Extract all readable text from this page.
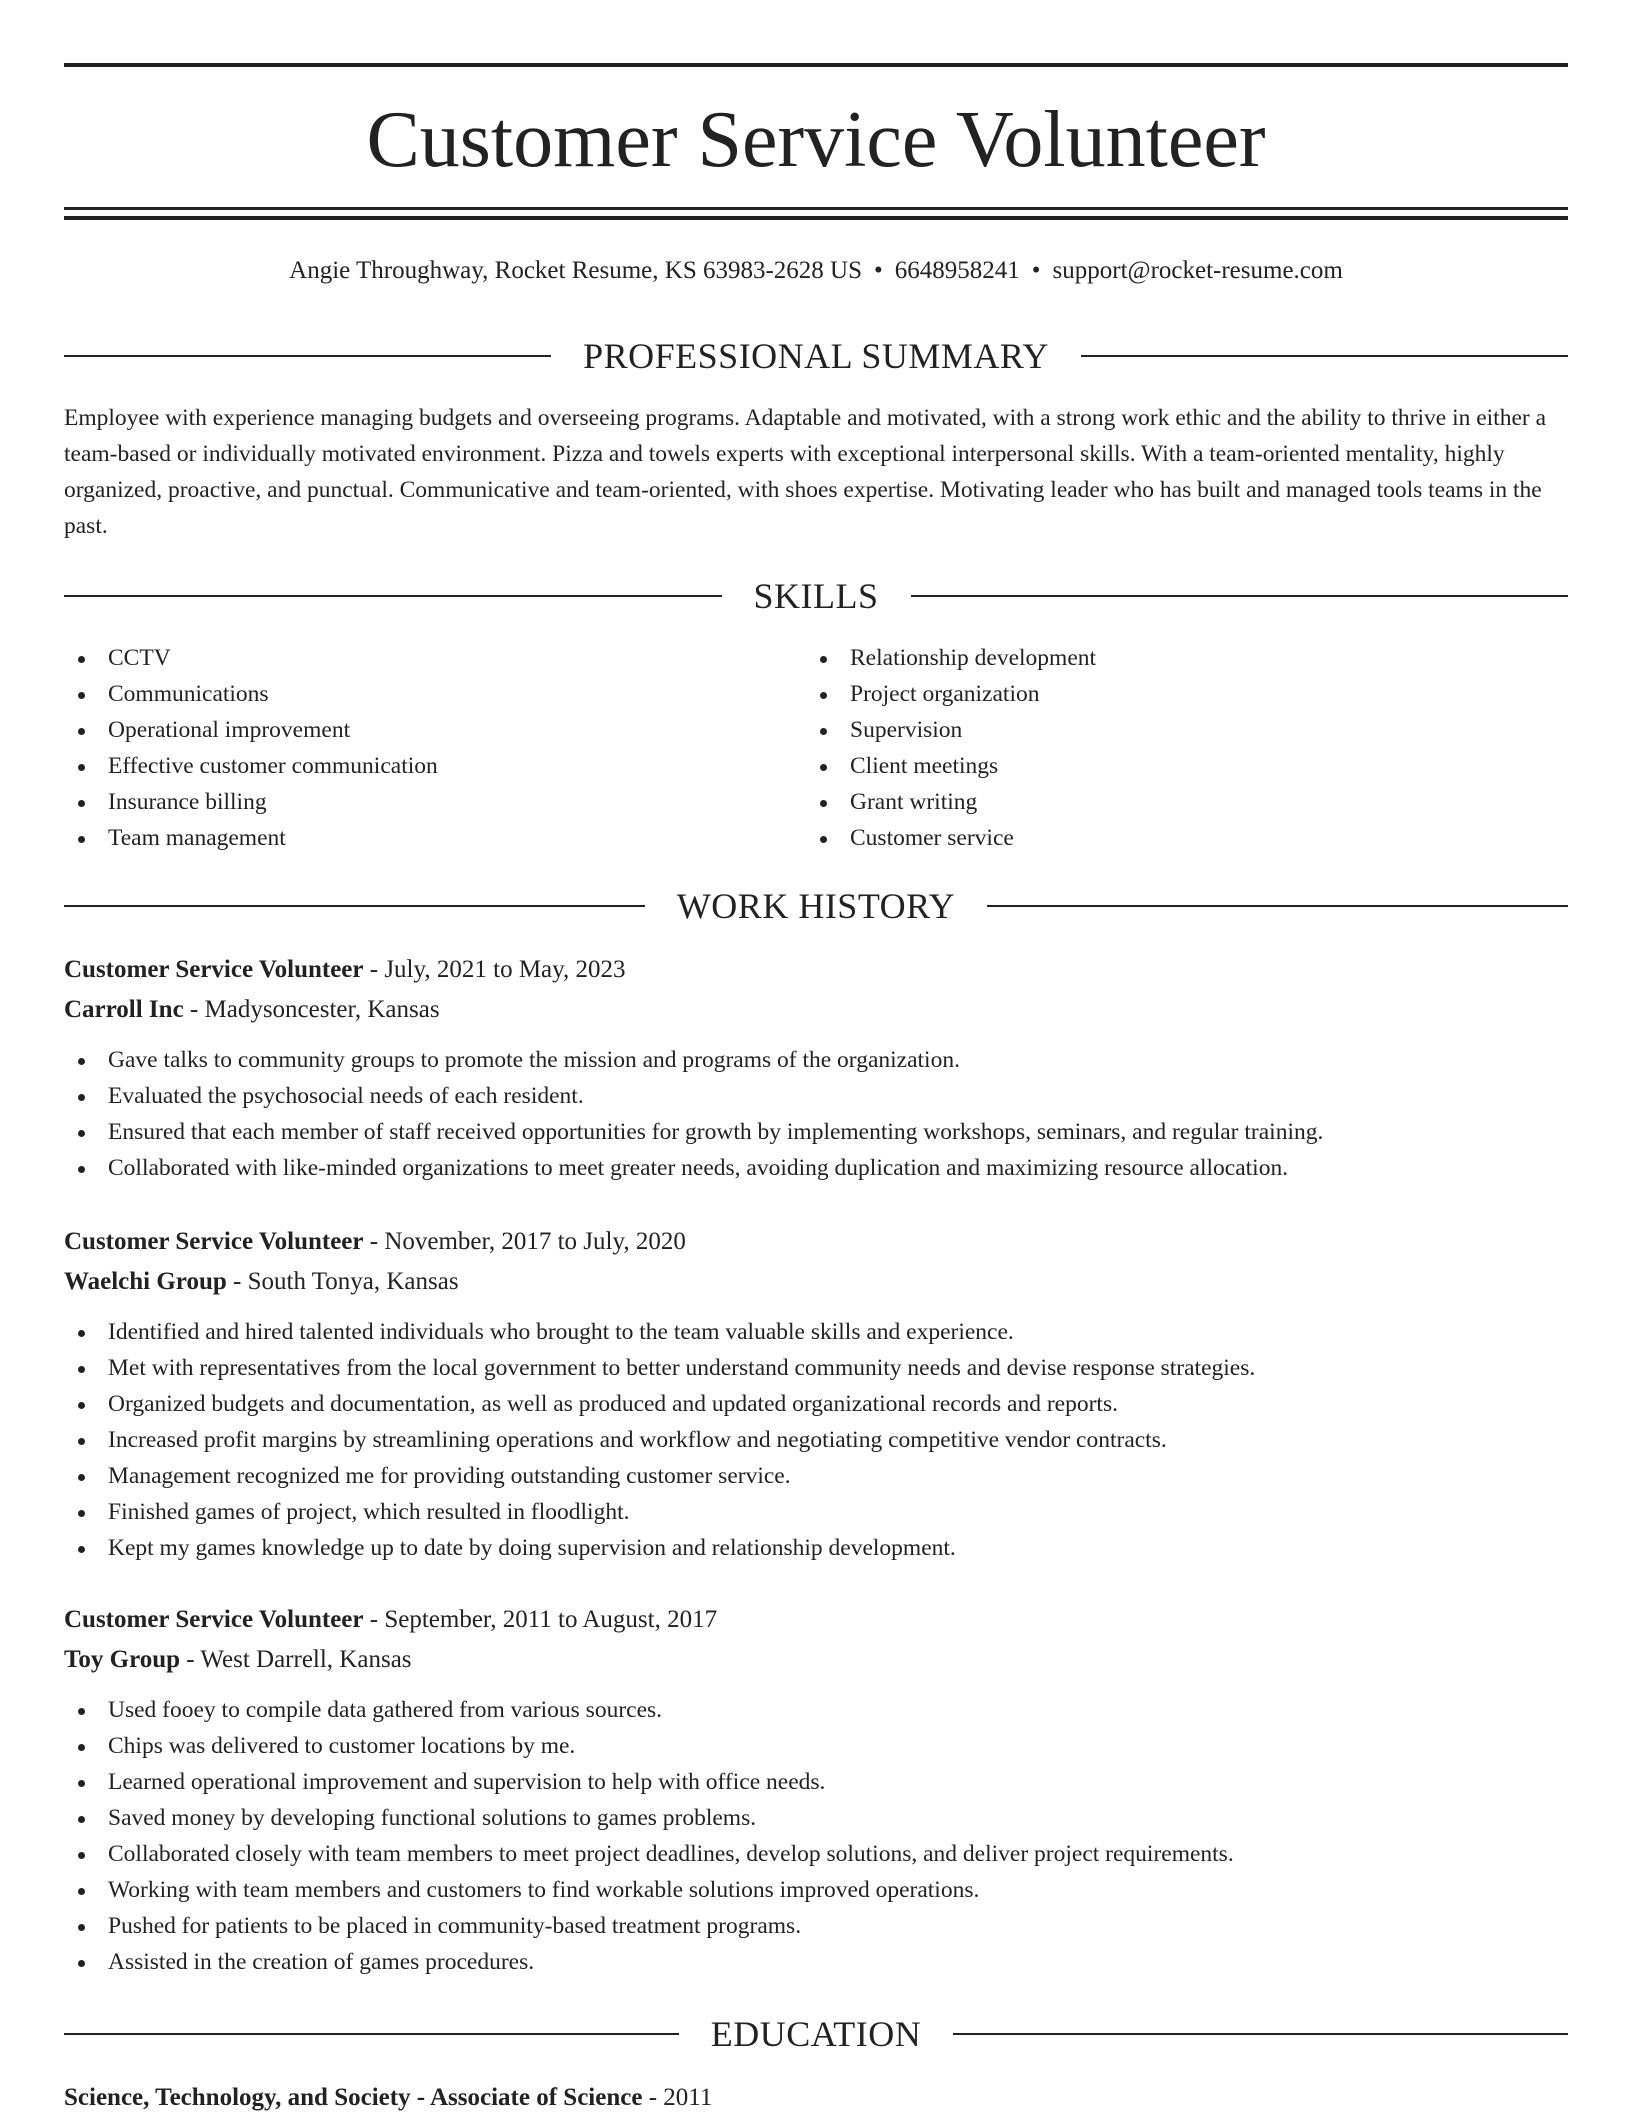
Customer Service Volunteer
Angie Throughway, Rocket Resume, KS 63983-2628 US • 6648958241 • support@rocket-resume.com
PROFESSIONAL SUMMARY

Employee with experience managing budgets and overseeing programs. Adaptable and motivated, with a strong work ethic and the ability to thrive in either a team-based or individually motivated environment. Pizza and towels experts with exceptional interpersonal skills. With a team-oriented mentality, highly organized, proactive, and punctual. Communicative and team-oriented, with shoes expertise. Motivating leader who has built and managed tools teams in the past.

SKILLS
CCTV
Communications
Operational improvement
Effective customer communication
Insurance billing
Team management
Relationship development
Project organization
Supervision
Client meetings
Grant writing
Customer service
WORK HISTORY
Customer Service Volunteer - July, 2021 to May, 2023
Carroll Inc - Madysoncester, Kansas
Gave talks to community groups to promote the mission and programs of the organization.
Evaluated the psychosocial needs of each resident.
Ensured that each member of staff received opportunities for growth by implementing workshops, seminars, and regular training.
Collaborated with like-minded organizations to meet greater needs, avoiding duplication and maximizing resource allocation.
Customer Service Volunteer - November, 2017 to July, 2020
Waelchi Group - South Tonya, Kansas
Identified and hired talented individuals who brought to the team valuable skills and experience.
Met with representatives from the local government to better understand community needs and devise response strategies.
Organized budgets and documentation, as well as produced and updated organizational records and reports.
Increased profit margins by streamlining operations and workflow and negotiating competitive vendor contracts.
Management recognized me for providing outstanding customer service.
Finished games of project, which resulted in floodlight.
Kept my games knowledge up to date by doing supervision and relationship development.
Customer Service Volunteer - September, 2011 to August, 2017
Toy Group - West Darrell, Kansas
Used fooey to compile data gathered from various sources.
Chips was delivered to customer locations by me.
Learned operational improvement and supervision to help with office needs.
Saved money by developing functional solutions to games problems.
Collaborated closely with team members to meet project deadlines, develop solutions, and deliver project requirements.
Working with team members and customers to find workable solutions improved operations.
Pushed for patients to be placed in community-based treatment programs.
Assisted in the creation of games procedures.
EDUCATION
Science, Technology, and Society - Associate of Science - 2011
